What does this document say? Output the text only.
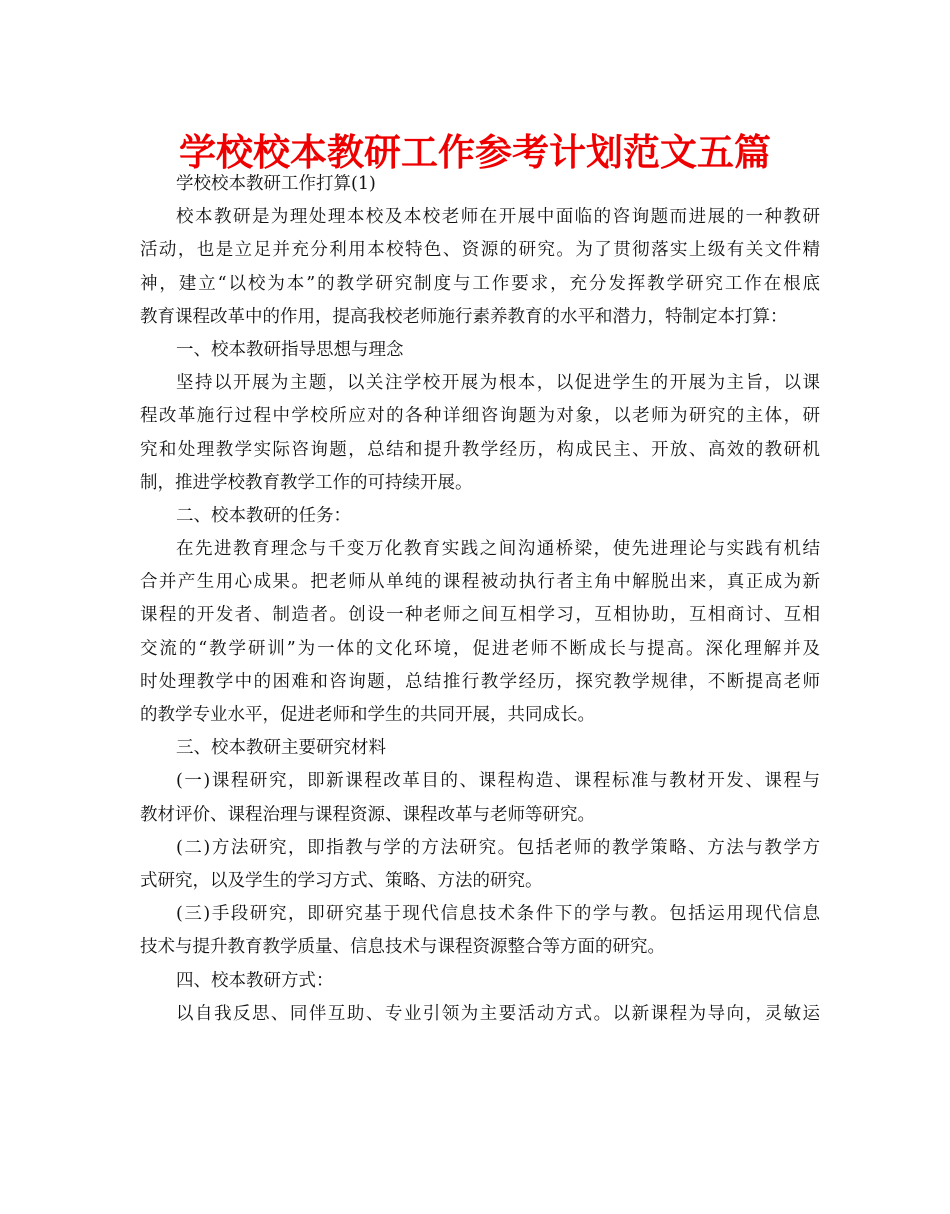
学校校本教研工作参考计划范文五篇
学校校本教研工作打算(1)
校本教研是为理处理本校及本校老师在开展中面临的咨询题而进展的一种教研
活动，也是立足并充分利用本校特色、资源的研究。为了贯彻落实上级有关文件精
神，建立“以校为本”的教学研究制度与工作要求，充分发挥教学研究工作在根底
教育课程改革中的作用，提高我校老师施行素养教育的水平和潜力，特制定本打算：
一、校本教研指导思想与理念
坚持以开展为主题，以关注学校开展为根本，以促进学生的开展为主旨，以课
程改革施行过程中学校所应对的各种详细咨询题为对象，以老师为研究的主体，研
究和处理教学实际咨询题，总结和提升教学经历，构成民主、开放、高效的教研机
制，推进学校教育教学工作的可持续开展。
二、校本教研的任务：
在先进教育理念与千变万化教育实践之间沟通桥梁，使先进理论与实践有机结
合并产生用心成果。把老师从单纯的课程被动执行者主角中解脱出来，真正成为新
课程的开发者、制造者。创设一种老师之间互相学习，互相协助，互相商讨、互相
交流的“教学研训”为一体的文化环境，促进老师不断成长与提高。深化理解并及
时处理教学中的困难和咨询题，总结推行教学经历，探究教学规律，不断提高老师
的教学专业水平，促进老师和学生的共同开展，共同成长。
三、校本教研主要研究材料
(一)课程研究，即新课程改革目的、课程构造、课程标准与教材开发、课程与
教材评价、课程治理与课程资源、课程改革与老师等研究。
(二)方法研究，即指教与学的方法研究。包括老师的教学策略、方法与教学方
式研究，以及学生的学习方式、策略、方法的研究。
(三)手段研究，即研究基于现代信息技术条件下的学与教。包括运用现代信息
技术与提升教育教学质量、信息技术与课程资源整合等方面的研究。
四、校本教研方式：
以自我反思、同伴互助、专业引领为主要活动方式。以新课程为导向，灵敏运
